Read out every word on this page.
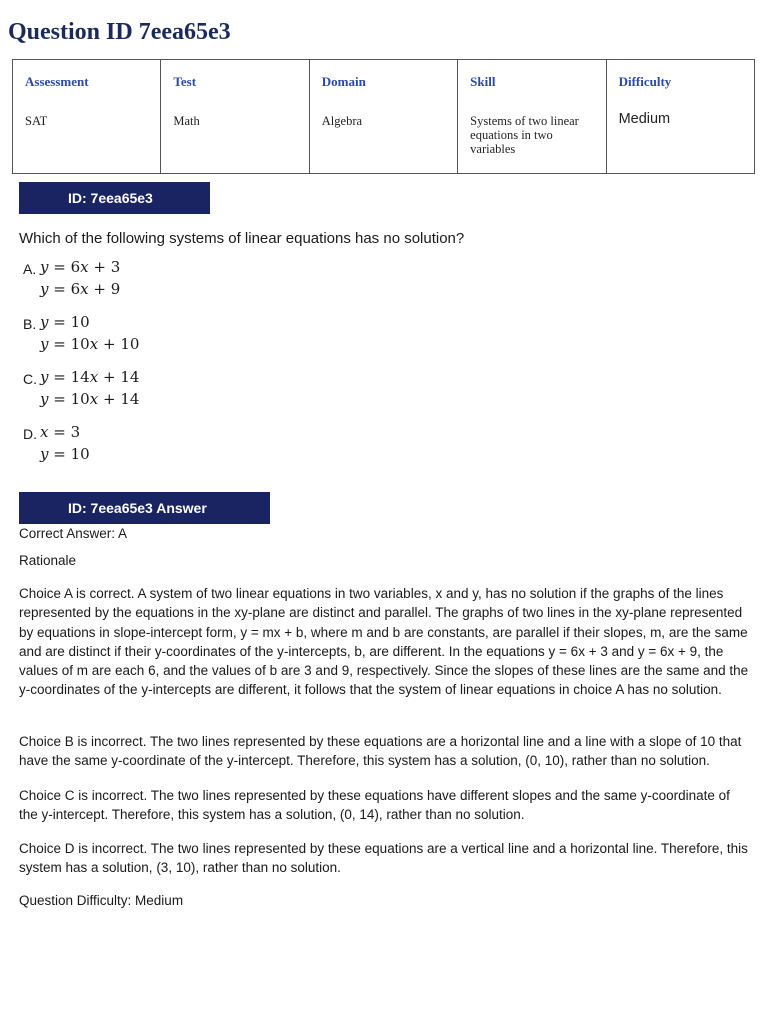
Question ID 7eea65e3
Assessment
SAT

Test
Math

Domain
Algebra

Skill
Systems of two linear equations in two variables

Difficulty
Medium
ID: 7eea65e3

Which of the following systems of linear equations has no solution?

A. y = 6x + 3
y = 6x + 9
B. y = 10
y = 10x + 10
C. y = 14x + 14
y = 10x + 14
D. x = 3
y = 10
ID: 7eea65e3 Answer

Correct Answer: A

Rationale

Choice A is correct. A system of two linear equations in two variables, x and y, has no solution if the graphs of the lines represented by the equations in the xy-plane are distinct and parallel. The graphs of two lines in the xy-plane represented by equations in slope-intercept form, y = mx + b, where m and b are constants, are parallel if their slopes, m, are the same and are distinct if their y-coordinates of the y-intercepts, b, are different. In the equations y = 6x + 3 and y = 6x + 9, the values of m are each 6, and the values of b are 3 and 9, respectively. Since the slopes of these lines are the same and the y-coordinates of the y-intercepts are different, it follows that the system of linear equations in choice A has no solution.

Choice B is incorrect. The two lines represented by these equations are a horizontal line and a line with a slope of 10 that have the same y-coordinate of the y-intercept. Therefore, this system has a solution, (0, 10), rather than no solution.

Choice C is incorrect. The two lines represented by these equations have different slopes and the same y-coordinate of the y-intercept. Therefore, this system has a solution, (0, 14), rather than no solution.

Choice D is incorrect. The two lines represented by these equations are a vertical line and a horizontal line. Therefore, this system has a solution, (3, 10), rather than no solution.

Question Difficulty: Medium
